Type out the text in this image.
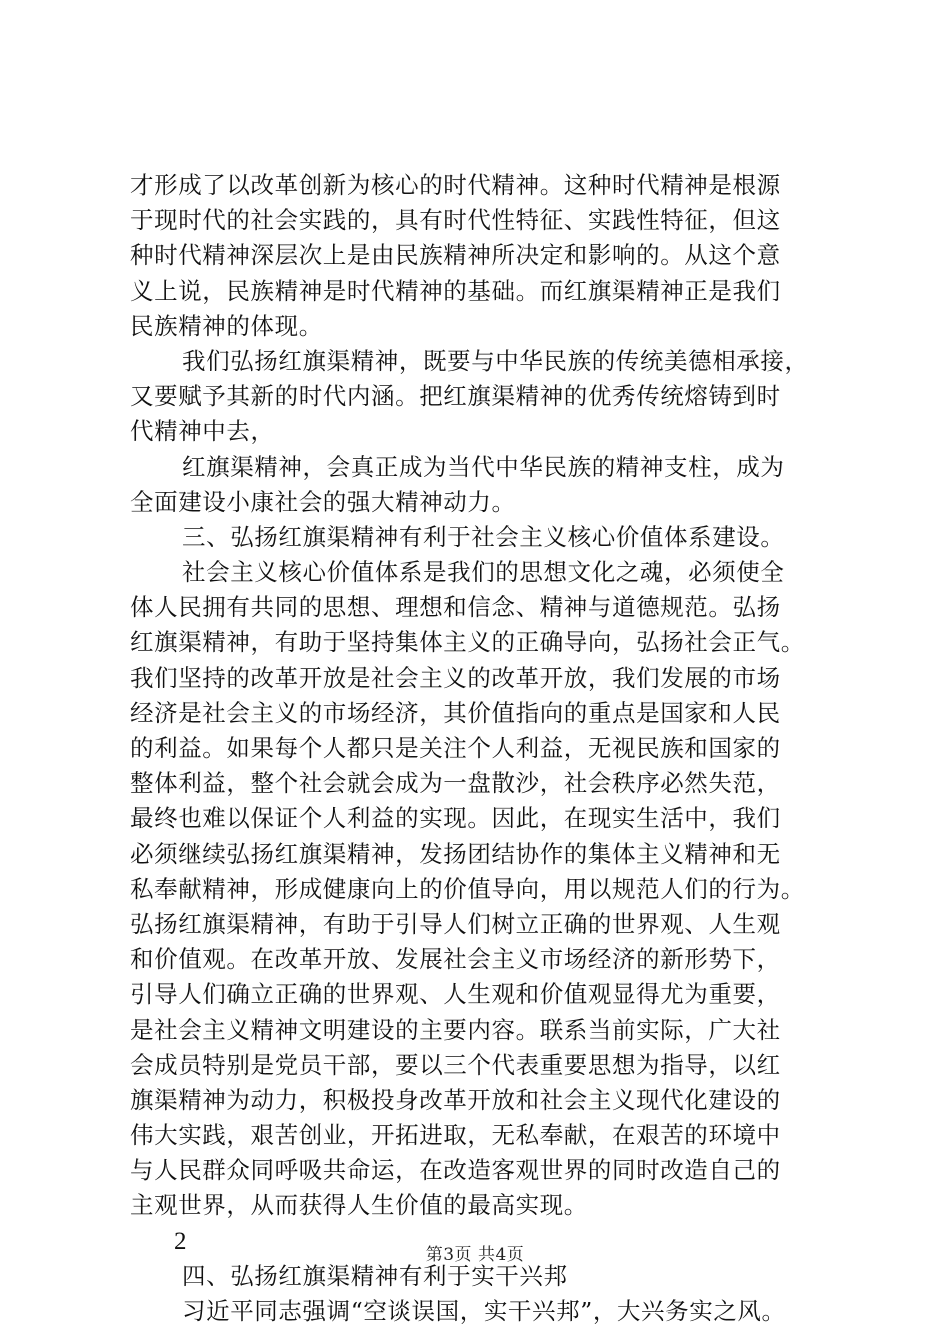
才形成了以改革创新为核心的时代精神。这种时代精神是根源
于现时代的社会实践的，具有时代性特征、实践性特征，但这
种时代精神深层次上是由民族精神所决定和影响的。从这个意
义上说，民族精神是时代精神的基础。而红旗渠精神正是我们
民族精神的体现。
我们弘扬红旗渠精神，既要与中华民族的传统美德相承接，
又要赋予其新的时代内涵。把红旗渠精神的优秀传统熔铸到时
代精神中去，
红旗渠精神，会真正成为当代中华民族的精神支柱，成为
全面建设小康社会的强大精神动力。
三、弘扬红旗渠精神有利于社会主义核心价值体系建设。
社会主义核心价值体系是我们的思想文化之魂，必须使全
体人民拥有共同的思想、理想和信念、精神与道德规范。弘扬
红旗渠精神，有助于坚持集体主义的正确导向，弘扬社会正气。
我们坚持的改革开放是社会主义的改革开放，我们发展的市场
经济是社会主义的市场经济，其价值指向的重点是国家和人民
的利益。如果每个人都只是关注个人利益，无视民族和国家的
整体利益，整个社会就会成为一盘散沙，社会秩序必然失范，
最终也难以保证个人利益的实现。因此，在现实生活中，我们
必须继续弘扬红旗渠精神，发扬团结协作的集体主义精神和无
私奉献精神，形成健康向上的价值导向，用以规范人们的行为。
弘扬红旗渠精神，有助于引导人们树立正确的世界观、人生观
和价值观。在改革开放、发展社会主义市场经济的新形势下，
引导人们确立正确的世界观、人生观和价值观显得尤为重要，
是社会主义精神文明建设的主要内容。联系当前实际，广大社
会成员特别是党员干部，要以三个代表重要思想为指导，以红
旗渠精神为动力，积极投身改革开放和社会主义现代化建设的
伟大实践，艰苦创业，开拓进取，无私奉献，在艰苦的环境中
与人民群众同呼吸共命运，在改造客观世界的同时改造自己的
主观世界，从而获得人生价值的最高实现。
2
四、弘扬红旗渠精神有利于实干兴邦
习近平同志强调“空谈误国，实干兴邦”，大兴务实之风。
第3页 共4页
